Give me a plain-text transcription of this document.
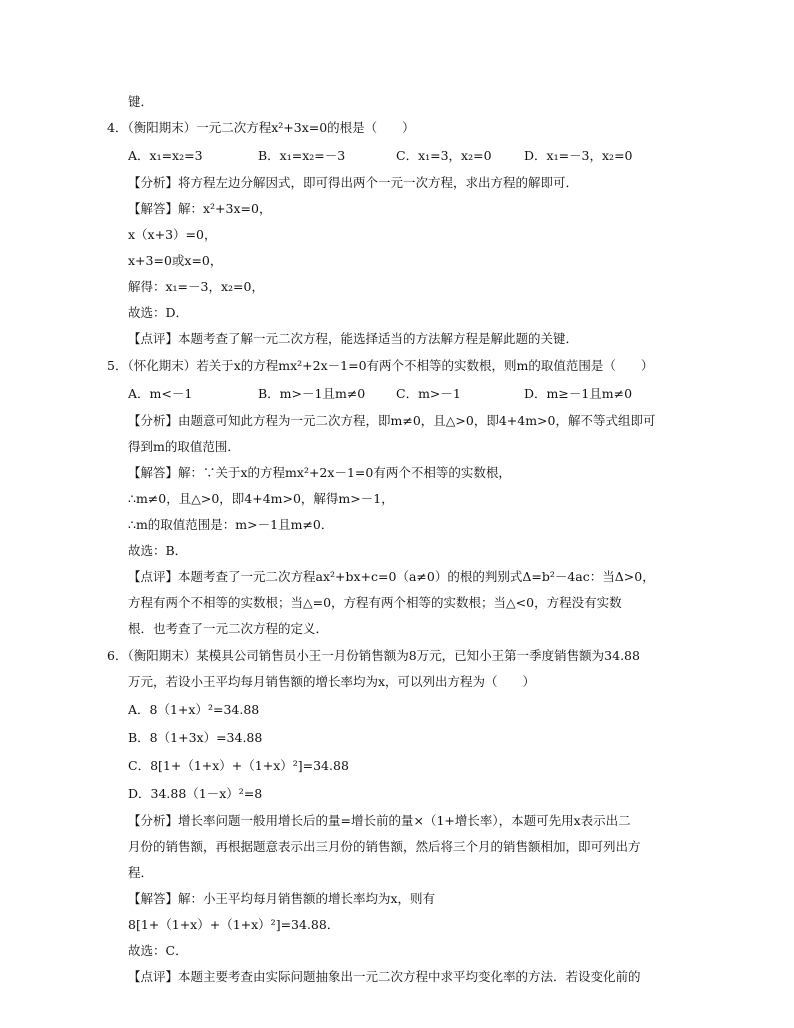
键．
4．（衡阳期末）一元二次方程x²+3x=0的根是（　　）
A．x₁=x₂=3	B．x₁=x₂=－3	C．x₁=3，x₂=0	D．x₁=－3，x₂=0
【分析】将方程左边分解因式，即可得出两个一元一次方程，求出方程的解即可．
【解答】解：x²+3x=0，
x（x+3）=0，
x+3=0或x=0，
解得：x₁=－3，x₂=0，
故选：D．
【点评】本题考查了解一元二次方程，能选择适当的方法解方程是解此题的关键．
5．（怀化期末）若关于x的方程mx²+2x－1=0有两个不相等的实数根，则m的取值范围是（　　）
A．m<－1	B．m>－1且m≠0 C．m>－1	D．m≥－1且m≠0
【分析】由题意可知此方程为一元二次方程，即m≠0，且△>0，即4+4m>0，解不等式组即可
得到m的取值范围．
【解答】解：∵关于x的方程mx²+2x－1=0有两个不相等的实数根，
∴m≠0，且△>0，即4+4m>0，解得m>－1，
∴m的取值范围是：m>－1且m≠0．
故选：B．
【点评】本题考查了一元二次方程ax²+bx+c=0（a≠0）的根的判别式Δ=b²－4ac：当Δ>0，
方程有两个不相等的实数根；当△=0，方程有两个相等的实数根；当△<0，方程没有实数
根．也考查了一元二次方程的定义．
6．（衡阳期末）某模具公司销售员小王一月份销售额为8万元，已知小王第一季度销售额为34.88
万元，若设小王平均每月销售额的增长率均为x，可以列出方程为（　　）
A．8（1+x）²=34.88
B．8（1+3x）=34.88
C．8[1+（1+x）+（1+x）²]=34.88
D．34.88（1－x）²=8
【分析】增长率问题一般用增长后的量=增长前的量×（1+增长率），本题可先用x表示出二
月份的销售额，再根据题意表示出三月份的销售额，然后将三个月的销售额相加，即可列出方
程．
【解答】解：小王平均每月销售额的增长率均为x，则有
8[1+（1+x）+（1+x）²]=34.88．
故选：C．
【点评】本题主要考查由实际问题抽象出一元二次方程中求平均变化率的方法．若设变化前的
